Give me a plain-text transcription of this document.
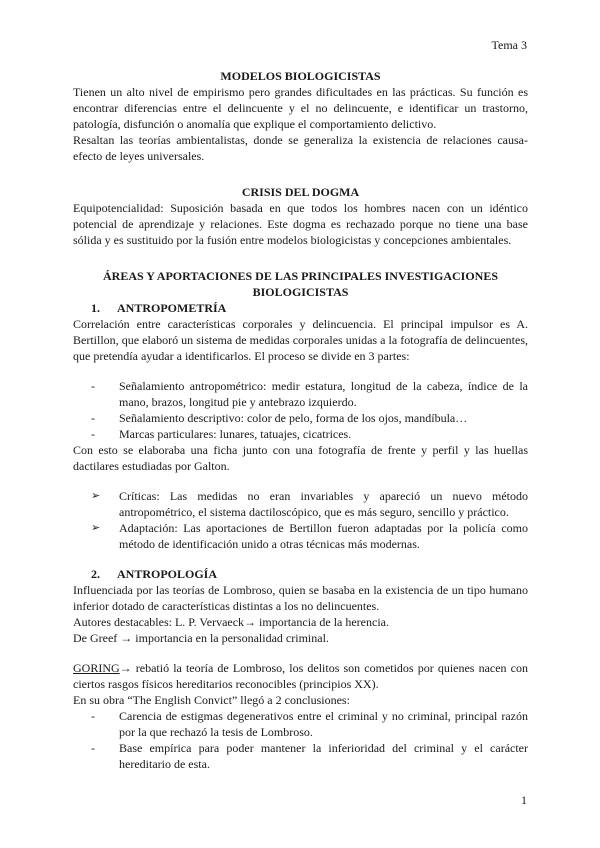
Tema 3
MODELOS BIOLOGICISTAS

Tienen un alto nivel de empirismo pero grandes dificultades en las prácticas. Su función es encontrar diferencias entre el delincuente y el no delincuente, e identificar un trastorno, patología, disfunción o anomalía que explique el comportamiento delictivo.

Resaltan las teorías ambientalistas, donde se generaliza la existencia de relaciones causa-efecto de leyes universales.

CRISIS DEL DOGMA

Equipotencialidad: Suposición basada en que todos los hombres nacen con un idéntico potencial de aprendizaje y relaciones. Este dogma es rechazado porque no tiene una base sólida y es sustituido por la fusión entre modelos biologicistas y concepciones ambientales.

ÁREAS Y APORTACIONES DE LAS PRINCIPALES INVESTIGACIONES BIOLOGICISTAS
1.	ANTROPOMETRÍA

Correlación entre características corporales y delincuencia. El principal impulsor es A. Bertillon, que elaboró un sistema de medidas corporales unidas a la fotografía de delincuentes, que pretendía ayudar a identificarlos. El proceso se divide en 3 partes:

- Señalamiento antropométrico: medir estatura, longitud de la cabeza, índice de la mano, brazos, longitud pie y antebrazo izquierdo.
- Señalamiento descriptivo: color de pelo, forma de los ojos, mandíbula…
- Marcas particulares: lunares, tatuajes, cicatrices.

Con esto se elaboraba una ficha junto con una fotografía de frente y perfil y las huellas dactilares estudiadas por Galton.

➢ Críticas: Las medidas no eran invariables y apareció un nuevo método antropométrico, el sistema dactiloscópico, que es más seguro, sencillo y práctico.
➢ Adaptación: Las aportaciones de Bertillon fueron adaptadas por la policía como método de identificación unido a otras técnicas más modernas.
2.	ANTROPOLOGÍA

Influenciada por las teorías de Lombroso, quien se basaba en la existencia de un tipo humano inferior dotado de características distintas a los no delincuentes.

Autores destacables: L. P. Vervaeck→ importancia de la herencia.

De Greef → importancia en la personalidad criminal.

GORING→ rebatió la teoría de Lombroso, los delitos son cometidos por quienes nacen con ciertos rasgos físicos hereditarios reconocibles (principios XX).

En su obra “The English Convict” llegó a 2 conclusiones:

- Carencia de estigmas degenerativos entre el criminal y no criminal, principal razón por la que rechazó la tesis de Lombroso.
- Base empírica para poder mantener la inferioridad del criminal y el carácter hereditario de esta.
1
